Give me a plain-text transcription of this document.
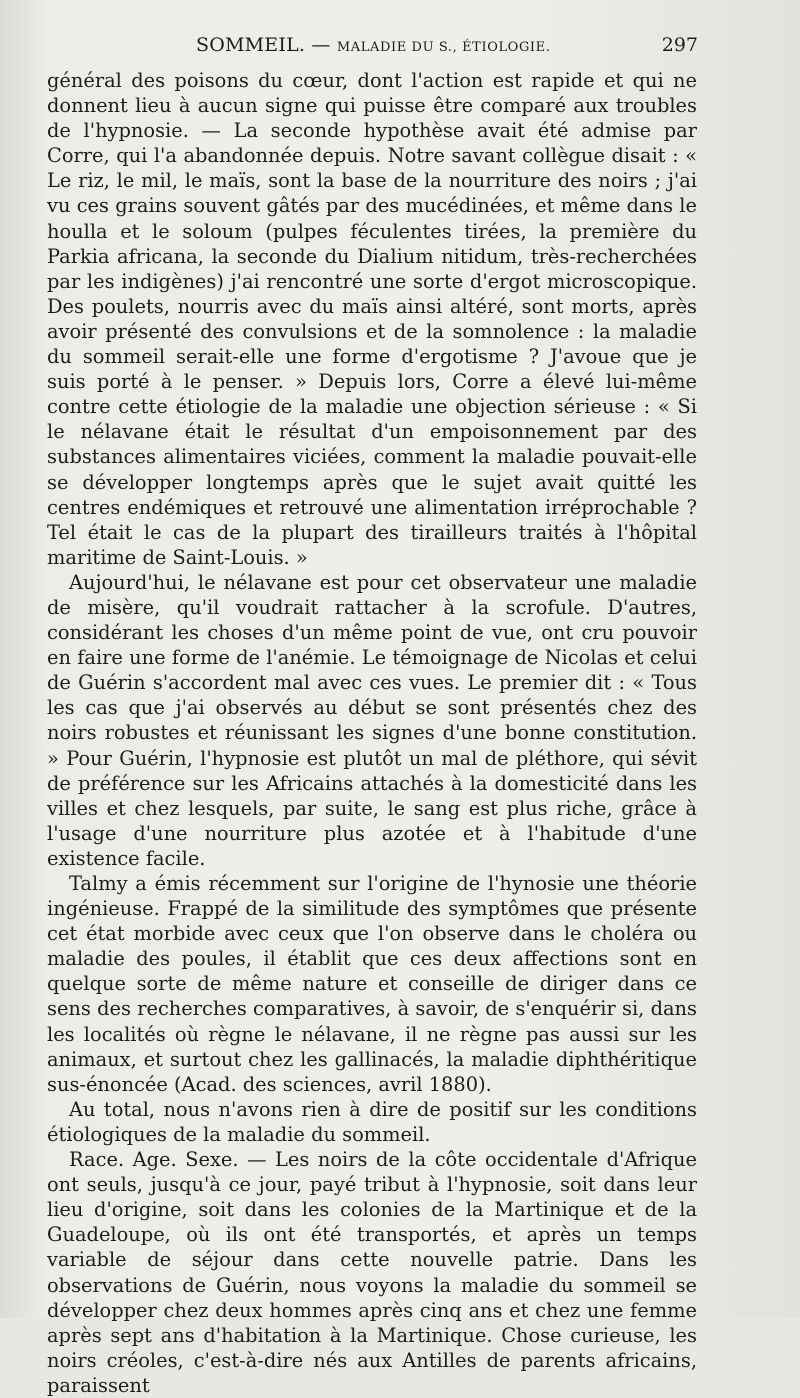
SOMMEIL. — MALADIE DU S., ÉTIOLOGIE.	297

général des poisons du cœur, dont l'action est rapide et qui ne donnent lieu à aucun signe qui puisse être comparé aux troubles de l'hypnosie. — La seconde hypothèse avait été admise par Corre, qui l'a abandonnée depuis. Notre savant collègue disait : « Le riz, le mil, le maïs, sont la base de la nourriture des noirs ; j'ai vu ces grains souvent gâtés par des mucédinées, et même dans le houlla et le soloum (pulpes féculentes tirées, la première du Parkia africana, la seconde du Dialium nitidum, très-recherchées par les indigènes) j'ai rencontré une sorte d'ergot microscopique. Des poulets, nourris avec du maïs ainsi altéré, sont morts, après avoir présenté des convulsions et de la somnolence : la maladie du sommeil serait-elle une forme d'ergotisme ? J'avoue que je suis porté à le penser. » Depuis lors, Corre a élevé lui-même contre cette étiologie de la maladie une objection sérieuse : « Si le nélavane était le résultat d'un empoisonnement par des substances alimentaires viciées, comment la maladie pouvait-elle se développer longtemps après que le sujet avait quitté les centres endémiques et retrouvé une alimentation irréprochable ? Tel était le cas de la plupart des tirailleurs traités à l'hôpital maritime de Saint-Louis. »

Aujourd'hui, le nélavane est pour cet observateur une maladie de misère, qu'il voudrait rattacher à la scrofule. D'autres, considérant les choses d'un même point de vue, ont cru pouvoir en faire une forme de l'anémie. Le témoignage de Nicolas et celui de Guérin s'accordent mal avec ces vues. Le premier dit : « Tous les cas que j'ai observés au début se sont présentés chez des noirs robustes et réunissant les signes d'une bonne constitution. » Pour Guérin, l'hypnosie est plutôt un mal de pléthore, qui sévit de préférence sur les Africains attachés à la domesticité dans les villes et chez lesquels, par suite, le sang est plus riche, grâce à l'usage d'une nourriture plus azotée et à l'habitude d'une existence facile.

Talmy a émis récemment sur l'origine de l'hynosie une théorie ingénieuse. Frappé de la similitude des symptômes que présente cet état morbide avec ceux que l'on observe dans le choléra ou maladie des poules, il établit que ces deux affections sont en quelque sorte de même nature et conseille de diriger dans ce sens des recherches comparatives, à savoir, de s'enquérir si, dans les localités où règne le nélavane, il ne règne pas aussi sur les animaux, et surtout chez les gallinacés, la maladie diphthéritique sus-énoncée (Acad. des sciences, avril 1880).

Au total, nous n'avons rien à dire de positif sur les conditions étiologiques de la maladie du sommeil.

Race. Age. Sexe. — Les noirs de la côte occidentale d'Afrique ont seuls, jusqu'à ce jour, payé tribut à l'hypnosie, soit dans leur lieu d'origine, soit dans les colonies de la Martinique et de la Guadeloupe, où ils ont été transportés, et après un temps variable de séjour dans cette nouvelle patrie. Dans les observations de Guérin, nous voyons la maladie du sommeil se développer chez deux hommes après cinq ans et chez une femme après sept ans d'habitation à la Martinique. Chose curieuse, les noirs créoles, c'est-à-dire nés aux Antilles de parents africains, paraissent
